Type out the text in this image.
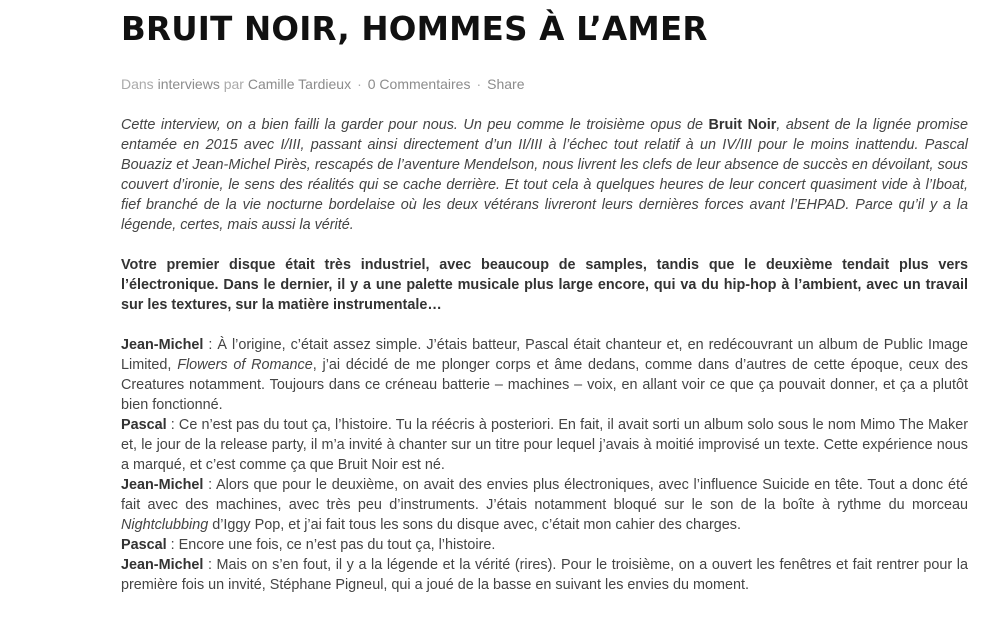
BRUIT NOIR, HOMMES À L’AMER
Dans interviews par Camille Tardieux · 0 Commentaires · Share

Cette interview, on a bien failli la garder pour nous. Un peu comme le troisième opus de Bruit Noir, absent de la lignée promise entamée en 2015 avec I/III, passant ainsi directement d’un II/III à l’échec tout relatif à un IV/III pour le moins inattendu. Pascal Bouaziz et Jean-Michel Pirès, rescapés de l’aventure Mendelson, nous livrent les clefs de leur absence de succès en dévoilant, sous couvert d’ironie, le sens des réalités qui se cache derrière. Et tout cela à quelques heures de leur concert quasiment vide à l’Iboat, fief branché de la vie nocturne bordelaise où les deux vétérans livreront leurs dernières forces avant l’EHPAD. Parce qu’il y a la légende, certes, mais aussi la vérité.

Votre premier disque était très industriel, avec beaucoup de samples, tandis que le deuxième tendait plus vers l’électronique. Dans le dernier, il y a une palette musicale plus large encore, qui va du hip-hop à l’ambient, avec un travail sur les textures, sur la matière instrumentale…

Jean-Michel : À l’origine, c’était assez simple. J’étais batteur, Pascal était chanteur et, en redécouvrant un album de Public Image Limited, Flowers of Romance, j’ai décidé de me plonger corps et âme dedans, comme dans d’autres de cette époque, ceux des Creatures notamment. Toujours dans ce créneau batterie – machines – voix, en allant voir ce que ça pouvait donner, et ça a plutôt bien fonctionné.

Pascal : Ce n’est pas du tout ça, l’histoire. Tu la réécris à posteriori. En fait, il avait sorti un album solo sous le nom Mimo The Maker et, le jour de la release party, il m’a invité à chanter sur un titre pour lequel j’avais à moitié improvisé un texte. Cette expérience nous a marqué, et c’est comme ça que Bruit Noir est né.

Jean-Michel : Alors que pour le deuxième, on avait des envies plus électroniques, avec l’influence Suicide en tête. Tout a donc été fait avec des machines, avec très peu d’instruments. J’étais notamment bloqué sur le son de la boîte à rythme du morceau Nightclubbing d’Iggy Pop, et j’ai fait tous les sons du disque avec, c’était mon cahier des charges.

Pascal : Encore une fois, ce n’est pas du tout ça, l’histoire.

Jean-Michel : Mais on s’en fout, il y a la légende et la vérité (rires). Pour le troisième, on a ouvert les fenêtres et fait rentrer pour la première fois un invité, Stéphane Pigneul, qui a joué de la basse en suivant les envies du moment.
